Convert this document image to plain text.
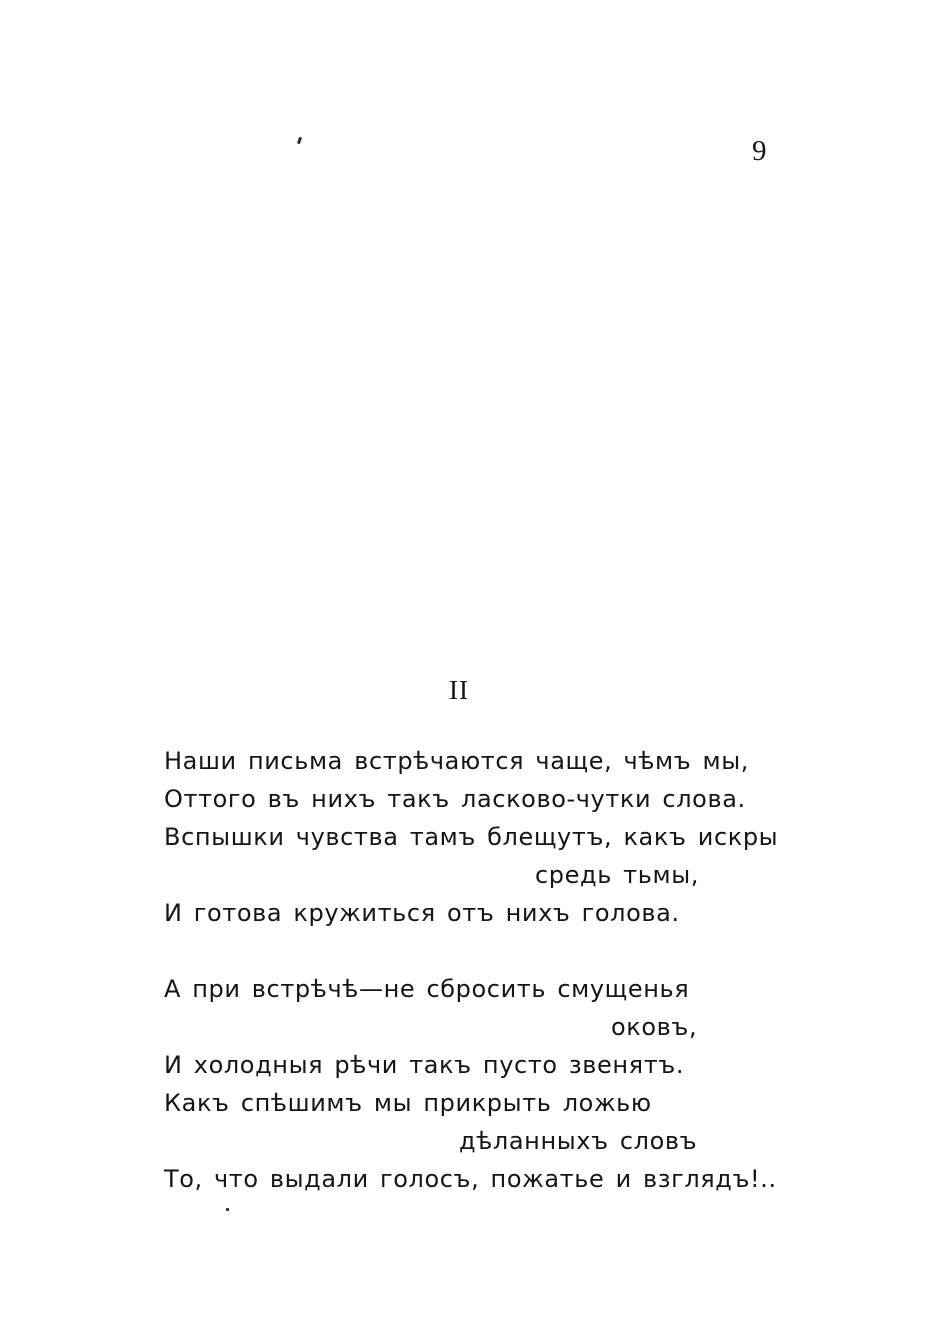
9
II
Наши письма встрѣчаются чаще, чѣмъ мы,
Оттого въ нихъ такъ ласково-чутки слова.
Вспышки чувства тамъ блещутъ, какъ искры
средь тьмы,
И готова кружиться отъ нихъ голова.
А при встрѣчѣ—не сбросить смущенья
оковъ,
И холодныя рѣчи такъ пусто звенятъ.
Какъ спѣшимъ мы прикрыть ложью
дѣланныхъ словъ
То, что выдали голосъ, пожатье и взглядъ!..
